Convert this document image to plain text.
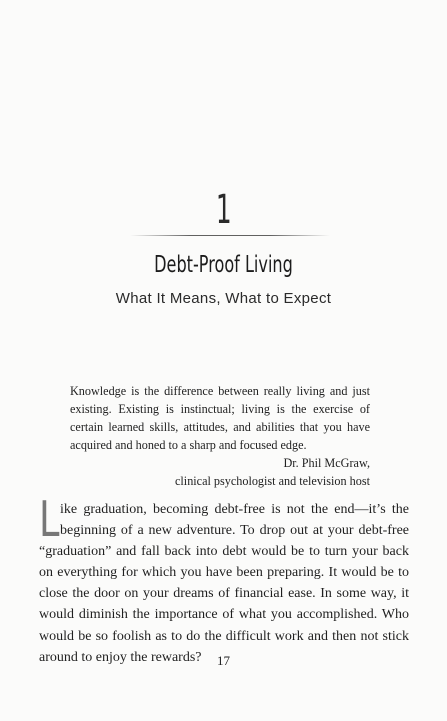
1
Debt-Proof Living
What It Means, What to Expect
Knowledge is the difference between really living and just existing. Existing is instinctual; living is the exercise of certain learned skills, attitudes, and abilities that you have acquired and honed to a sharp and focused edge.
Dr. Phil McGraw,
clinical psychologist and television host
Like graduation, becoming debt-free is not the end—it’s the beginning of a new adventure. To drop out at your debt-free “graduation” and fall back into debt would be to turn your back on everything for which you have been preparing. It would be to close the door on your dreams of financial ease. In some way, it would diminish the importance of what you accomplished. Who would be so foolish as to do the difficult work and then not stick around to enjoy the rewards?	17
